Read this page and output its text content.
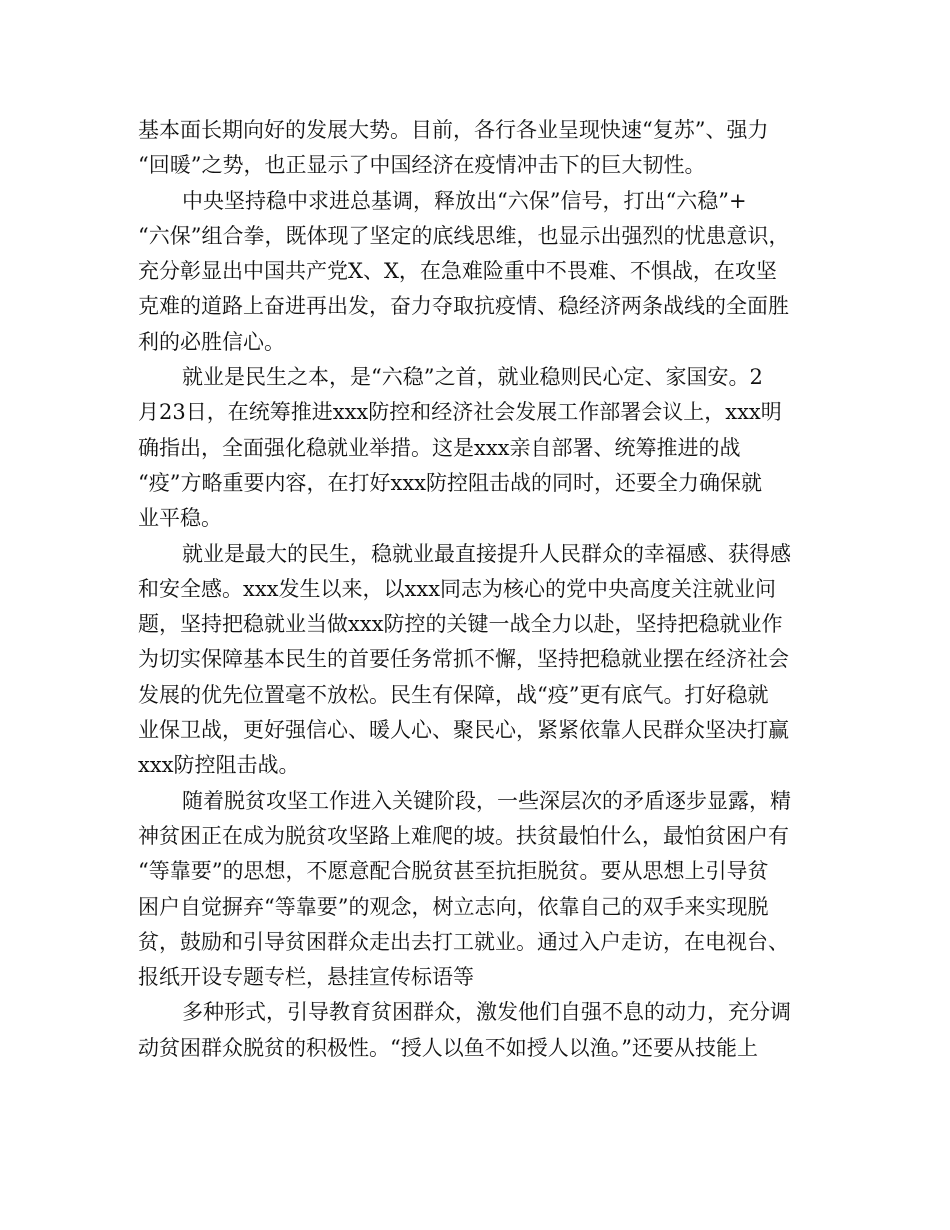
基本面长期向好的发展大势。目前，各行各业呈现快速“复苏”、强力
“回暖”之势，也正显示了中国经济在疫情冲击下的巨大韧性。
中央坚持稳中求进总基调，释放出“六保”信号，打出“六稳”+
“六保”组合拳，既体现了坚定的底线思维，也显示出强烈的忧患意识，
充分彰显出中国共产党X、X，在急难险重中不畏难、不惧战，在攻坚
克难的道路上奋进再出发，奋力夺取抗疫情、稳经济两条战线的全面胜
利的必胜信心。
就业是民生之本，是“六稳”之首，就业稳则民心定、家国安。2
月23日，在统筹推进xxx防控和经济社会发展工作部署会议上，xxx明
确指出，全面强化稳就业举措。这是xxx亲自部署、统筹推进的战
“疫”方略重要内容，在打好xxx防控阻击战的同时，还要全力确保就
业平稳。
就业是最大的民生，稳就业最直接提升人民群众的幸福感、获得感
和安全感。xxx发生以来，以xxx同志为核心的党中央高度关注就业问
题，坚持把稳就业当做xxx防控的关键一战全力以赴，坚持把稳就业作
为切实保障基本民生的首要任务常抓不懈，坚持把稳就业摆在经济社会
发展的优先位置毫不放松。民生有保障，战“疫”更有底气。打好稳就
业保卫战，更好强信心、暖人心、聚民心，紧紧依靠人民群众坚决打赢
xxx防控阻击战。
随着脱贫攻坚工作进入关键阶段，一些深层次的矛盾逐步显露，精
神贫困正在成为脱贫攻坚路上难爬的坡。扶贫最怕什么，最怕贫困户有
“等靠要”的思想，不愿意配合脱贫甚至抗拒脱贫。要从思想上引导贫
困户自觉摒弃“等靠要”的观念，树立志向，依靠自己的双手来实现脱
贫，鼓励和引导贫困群众走出去打工就业。通过入户走访，在电视台、
报纸开设专题专栏，悬挂宣传标语等
多种形式，引导教育贫困群众，激发他们自强不息的动力，充分调
动贫困群众脱贫的积极性。“授人以鱼不如授人以渔。”还要从技能上
